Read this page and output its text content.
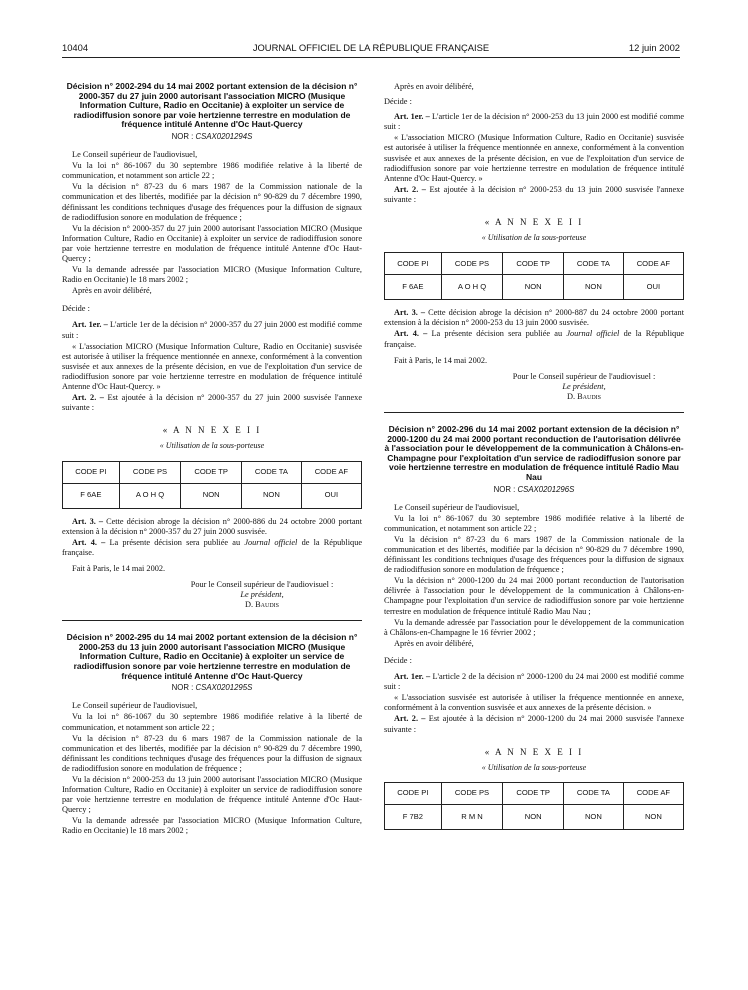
10404	JOURNAL OFFICIEL DE LA RÉPUBLIQUE FRANÇAISE	12 juin 2002
Décision n° 2002-294 du 14 mai 2002 portant extension de la décision n° 2000-357 du 27 juin 2000 autorisant l'association MICRO (Musique Information Culture, Radio en Occitanie) à exploiter un service de radiodiffusion sonore par voie hertzienne terrestre en modulation de fréquence intitulé Antenne d'Oc Haut-Quercy
NOR : CSAX0201294S

Le Conseil supérieur de l'audiovisuel,

Vu la loi n° 86-1067 du 30 septembre 1986 modifiée relative à la liberté de communication, et notamment son article 22 ;

Vu la décision n° 87-23 du 6 mars 1987 de la Commission nationale de la communication et des libertés, modifiée par la décision n° 90-829 du 7 décembre 1990, définissant les conditions techniques d'usage des fréquences pour la diffusion de signaux de radiodiffusion sonore en modulation de fréquence ;

Vu la décision n° 2000-357 du 27 juin 2000 autorisant l'association MICRO (Musique Information Culture, Radio en Occitanie) à exploiter un service de radiodiffusion sonore par voie hertzienne terrestre en modulation de fréquence intitulé Antenne d'Oc Haut-Quercy ;

Vu la demande adressée par l'association MICRO (Musique Information Culture, Radio en Occitanie) le 18 mars 2002 ;

Après en avoir délibéré,

Décide :

Art. 1er. – L'article 1er de la décision n° 2000-357 du 27 juin 2000 est modifié comme suit :

« L'association MICRO (Musique Information Culture, Radio en Occitanie) susvisée est autorisée à utiliser la fréquence mentionnée en annexe, conformément à la convention susvisée et aux annexes de la présente décision, en vue de l'exploitation d'un service de radiodiffusion sonore par voie hertzienne terrestre en modulation de fréquence intitulé Antenne d'Oc Haut-Quercy. »

Art. 2. – Est ajoutée à la décision n° 2000-357 du 27 juin 2000 susvisée l'annexe suivante :

« A N N E X E I I
« Utilisation de la sous-porteuse
CODE PI	CODE PS	CODE TP	CODE TA	CODE AF
F 6AE	A O H Q	NON	NON	OUI

Art. 3. – Cette décision abroge la décision n° 2000-886 du 24 octobre 2000 portant extension à la décision n° 2000-357 du 27 juin 2000 susvisée.

Art. 4. – La présente décision sera publiée au Journal officiel de la République française.

Fait à Paris, le 14 mai 2002.

Pour le Conseil supérieur de l'audiovisuel :
Le président,
D. Baudis
Décision n° 2002-295 du 14 mai 2002 portant extension de la décision n° 2000-253 du 13 juin 2000 autorisant l'association MICRO (Musique Information Culture, Radio en Occitanie) à exploiter un service de radiodiffusion sonore par voie hertzienne terrestre en modulation de fréquence intitulé Antenne d'Oc Haut-Quercy
NOR : CSAX0201295S

Le Conseil supérieur de l'audiovisuel,

Vu la loi n° 86-1067 du 30 septembre 1986 modifiée relative à la liberté de communication, et notamment son article 22 ;

Vu la décision n° 87-23 du 6 mars 1987 de la Commission nationale de la communication et des libertés, modifiée par la décision n° 90-829 du 7 décembre 1990, définissant les conditions techniques d'usage des fréquences pour la diffusion de signaux de radiodiffusion sonore en modulation de fréquence ;

Vu la décision n° 2000-253 du 13 juin 2000 autorisant l'association MICRO (Musique Information Culture, Radio en Occitanie) à exploiter un service de radiodiffusion sonore par voie hertzienne terrestre en modulation de fréquence intitulé Antenne d'Oc Haut-Quercy ;

Vu la demande adressée par l'association MICRO (Musique Information Culture, Radio en Occitanie) le 18 mars 2002 ;

Après en avoir délibéré,

Décide :

Art. 1er. – L'article 1er de la décision n° 2000-253 du 13 juin 2000 est modifié comme suit :

« L'association MICRO (Musique Information Culture, Radio en Occitanie) susvisée est autorisée à utiliser la fréquence mentionnée en annexe, conformément à la convention susvisée et aux annexes de la présente décision, en vue de l'exploitation d'un service de radiodiffusion sonore par voie hertzienne terrestre en modulation de fréquence intitulé Antenne d'Oc Haut-Quercy. »

Art. 2. – Est ajoutée à la décision n° 2000-253 du 13 juin 2000 susvisée l'annexe suivante :

« A N N E X E I I
« Utilisation de la sous-porteuse
CODE PI	CODE PS	CODE TP	CODE TA	CODE AF
F 6AE	A O H Q	NON	NON	OUI

Art. 3. – Cette décision abroge la décision n° 2000-887 du 24 octobre 2000 portant extension à la décision n° 2000-253 du 13 juin 2000 susvisée.

Art. 4. – La présente décision sera publiée au Journal officiel de la République française.

Fait à Paris, le 14 mai 2002.

Pour le Conseil supérieur de l'audiovisuel :
Le président,
D. Baudis
Décision n° 2002-296 du 14 mai 2002 portant extension de la décision n° 2000-1200 du 24 mai 2000 portant reconduction de l'autorisation délivrée à l'association pour le développement de la communication à Châlons-en-Champagne pour l'exploitation d'un service de radiodiffusion sonore par voie hertzienne terrestre en modulation de fréquence intitulé Radio Mau Nau
NOR : CSAX0201296S

Le Conseil supérieur de l'audiovisuel,

Vu la loi n° 86-1067 du 30 septembre 1986 modifiée relative à la liberté de communication, et notamment son article 22 ;

Vu la décision n° 87-23 du 6 mars 1987 de la Commission nationale de la communication et des libertés, modifiée par la décision n° 90-829 du 7 décembre 1990, définissant les conditions techniques d'usage des fréquences pour la diffusion de signaux de radiodiffusion sonore en modulation de fréquence ;

Vu la décision n° 2000-1200 du 24 mai 2000 portant reconduction de l'autorisation délivrée à l'association pour le développement de la communication à Châlons-en-Champagne pour l'exploitation d'un service de radiodiffusion sonore par voie hertzienne terrestre en modulation de fréquence intitulé Radio Mau Nau ;

Vu la demande adressée par l'association pour le développement de la communication à Châlons-en-Champagne le 16 février 2002 ;

Après en avoir délibéré,

Décide :

Art. 1er. – L'article 2 de la décision n° 2000-1200 du 24 mai 2000 est modifié comme suit :

« L'association susvisée est autorisée à utiliser la fréquence mentionnée en annexe, conformément à la convention susvisée et aux annexes de la présente décision. »

Art. 2. – Est ajoutée à la décision n° 2000-1200 du 24 mai 2000 susvisée l'annexe suivante :

« A N N E X E I I
« Utilisation de la sous-porteuse
CODE PI	CODE PS	CODE TP	CODE TA	CODE AF
F 7B2	R M N	NON	NON	NON
